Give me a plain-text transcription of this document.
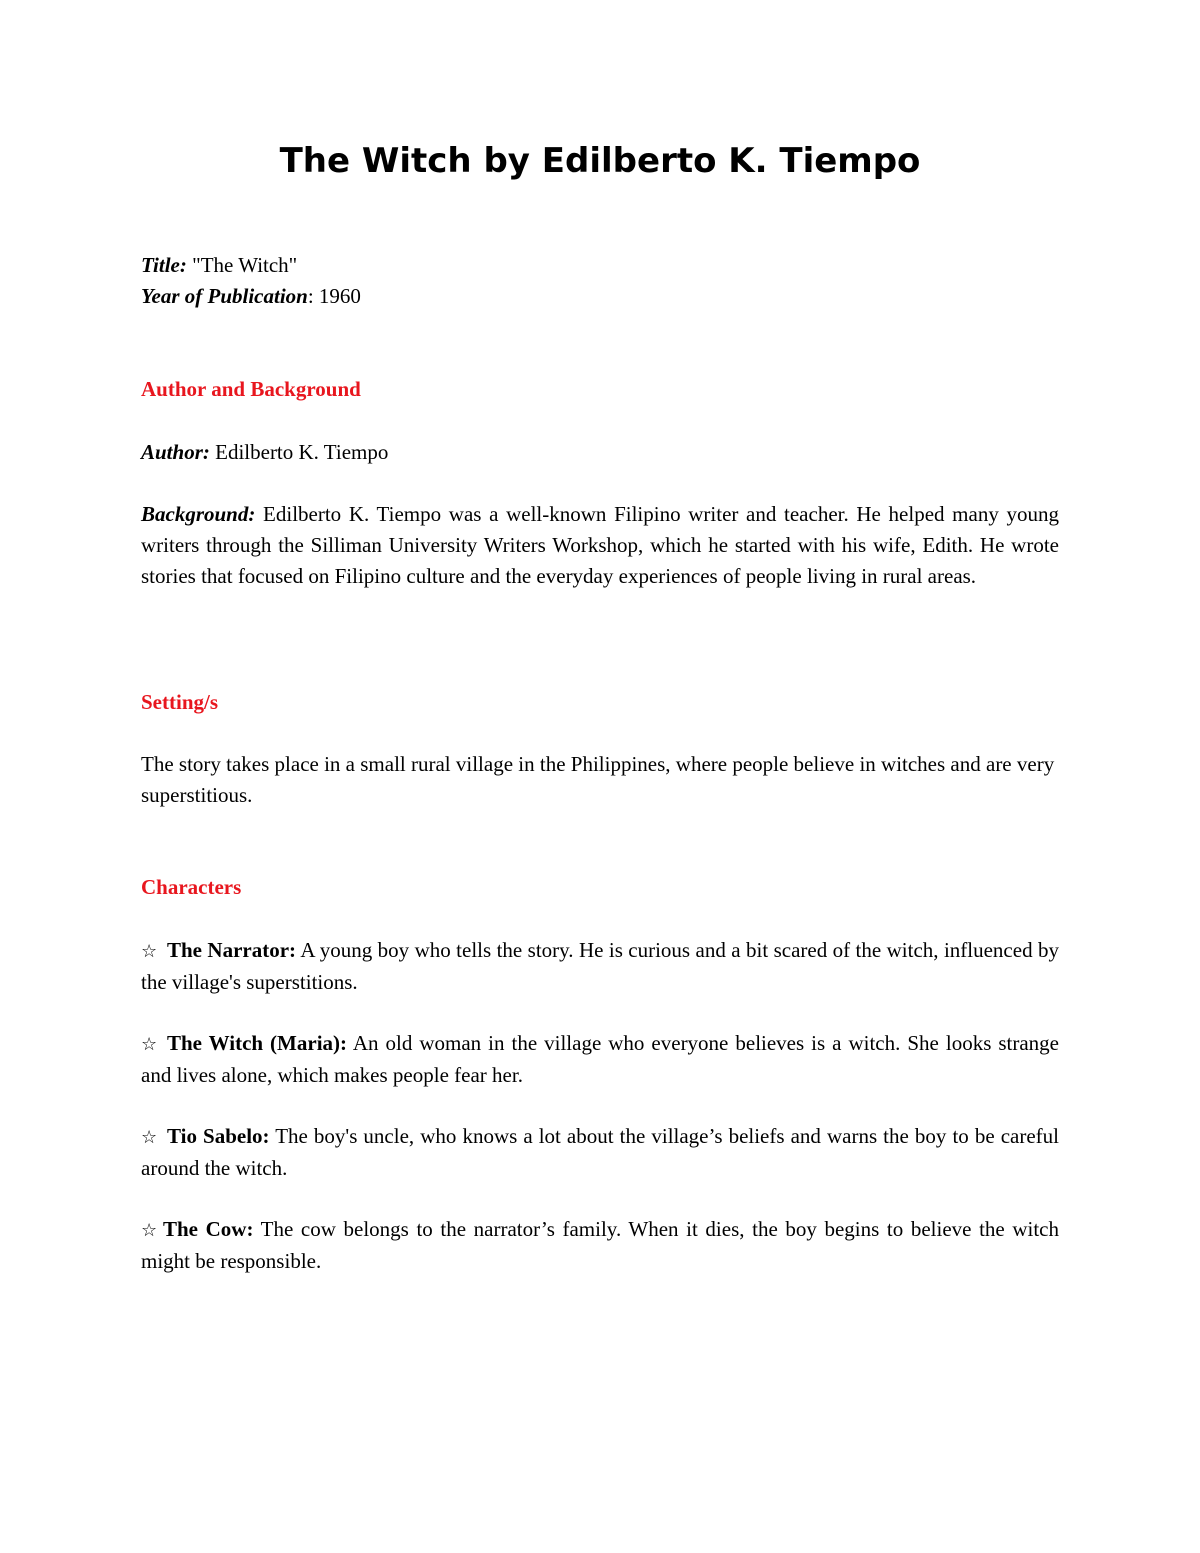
The Witch by Edilberto K. Tiempo

Title: "The Witch"

Year of Publication: 1960

Author and Background

Author: Edilberto K. Tiempo

Background: Edilberto K. Tiempo was a well-known Filipino writer and teacher. He helped many young writers through the Silliman University Writers Workshop, which he started with his wife, Edith. He wrote stories that focused on Filipino culture and the everyday experiences of people living in rural areas.

Setting/s

The story takes place in a small rural village in the Philippines, where people believe in witches and are very superstitious.

Characters

☆ The Narrator: A young boy who tells the story. He is curious and a bit scared of the witch, influenced by the village's superstitions.

☆ The Witch (Maria): An old woman in the village who everyone believes is a witch. She looks strange and lives alone, which makes people fear her.

☆ Tio Sabelo: The boy's uncle, who knows a lot about the village’s beliefs and warns the boy to be careful around the witch.

☆ The Cow: The cow belongs to the narrator’s family. When it dies, the boy begins to believe the witch might be responsible.
